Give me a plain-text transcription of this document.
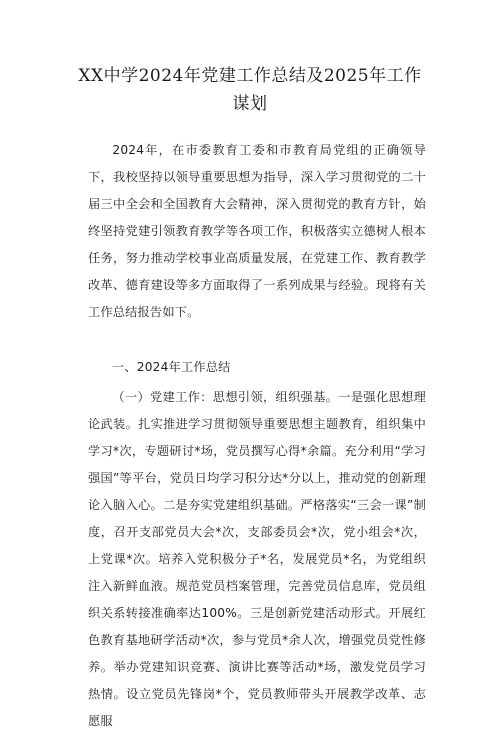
XX中学2024年党建工作总结及2025年工作谋划

2024年，在市委教育工委和市教育局党组的正确领导下，我校坚持以领导重要思想为指导，深入学习贯彻党的二十届三中全会和全国教育大会精神，深入贯彻党的教育方针，始终坚持党建引领教育教学等各项工作，积极落实立德树人根本任务，努力推动学校事业高质量发展，在党建工作、教育教学改革、德育建设等多方面取得了一系列成果与经验。现将有关工作总结报告如下。

一、2024年工作总结

（一）党建工作：思想引领，组织强基。一是强化思想理论武装。扎实推进学习贯彻领导重要思想主题教育，组织集中学习*次，专题研讨*场，党员撰写心得*余篇。充分利用“学习强国”等平台，党员日均学习积分达*分以上，推动党的创新理论入脑入心。二是夯实党建组织基础。严格落实“三会一课”制度，召开支部党员大会*次，支部委员会*次，党小组会*次，上党课*次。培养入党积极分子*名，发展党员*名，为党组织注入新鲜血液。规范党员档案管理，完善党员信息库，党员组织关系转接准确率达100%。三是创新党建活动形式。开展红色教育基地研学活动*次，参与党员*余人次，增强党员党性修养。举办党建知识竞赛、演讲比赛等活动*场，激发党员学习热情。设立党员先锋岗*个，党员教师带头开展教学改革、志愿服
